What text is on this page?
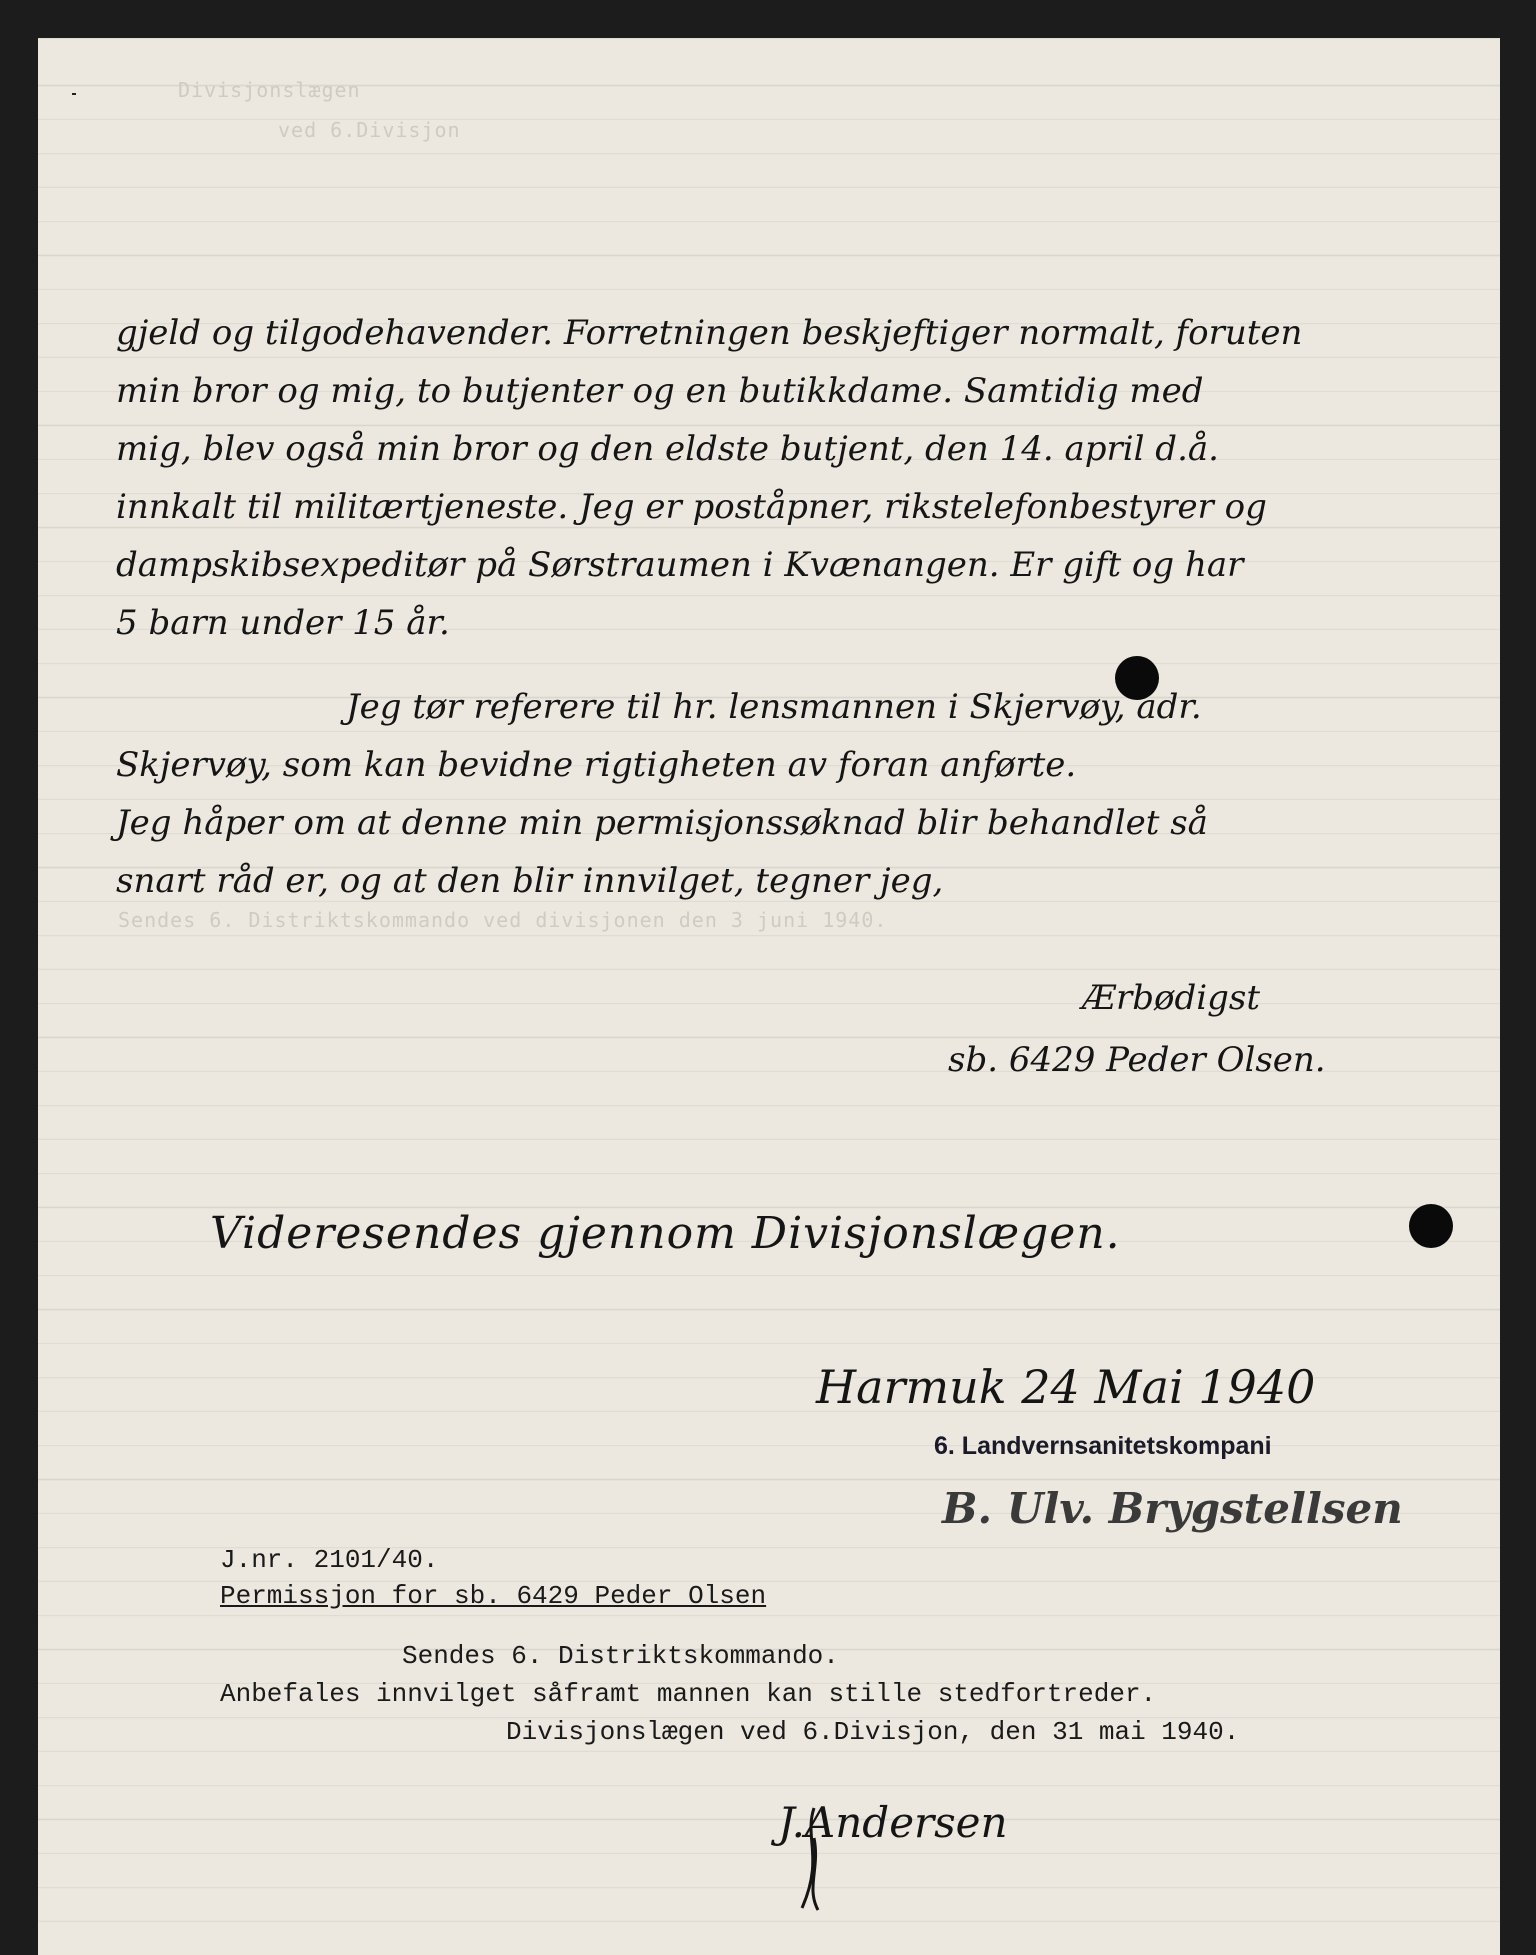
Divisjonslægen
ved 6.Divisjon
Sendes 6. Distriktskommando ved divisjonen den 3 juni 1940.
gjeld og tilgodehavender. Forretningen beskjeftiger normalt, foruten
min bror og mig, to butjenter og en butikkdame. Samtidig med
mig, blev også min bror og den eldste butjent, den 14. april d.å.
innkalt til militærtjeneste. Jeg er poståpner, rikstelefonbestyrer og
dampskibsexpeditør på Sørstraumen i Kvænangen. Er gift og har
5 barn under 15 år.
Jeg tør referere til hr. lensmannen i Skjervøy, adr.
Skjervøy, som kan bevidne rigtigheten av foran anførte.
Jeg håper om at denne min permisjonssøknad blir behandlet så
snart råd er, og at den blir innvilget, tegner jeg,
Ærbødigst
sb. 6429 Peder Olsen.
Videresendes gjennom Divisjonslægen.
Harmuk 24 Mai 1940
6. Landvernsanitetskompani
B. Ulv. Brygstellsen
J.nr. 2101/40.
Permissjon for sb. 6429 Peder Olsen
Sendes 6. Distriktskommando.
Anbefales innvilget såframt mannen kan stille stedfortreder.
Divisjonslægen ved 6.Divisjon, den 31 mai 1940.
J.Andersen
